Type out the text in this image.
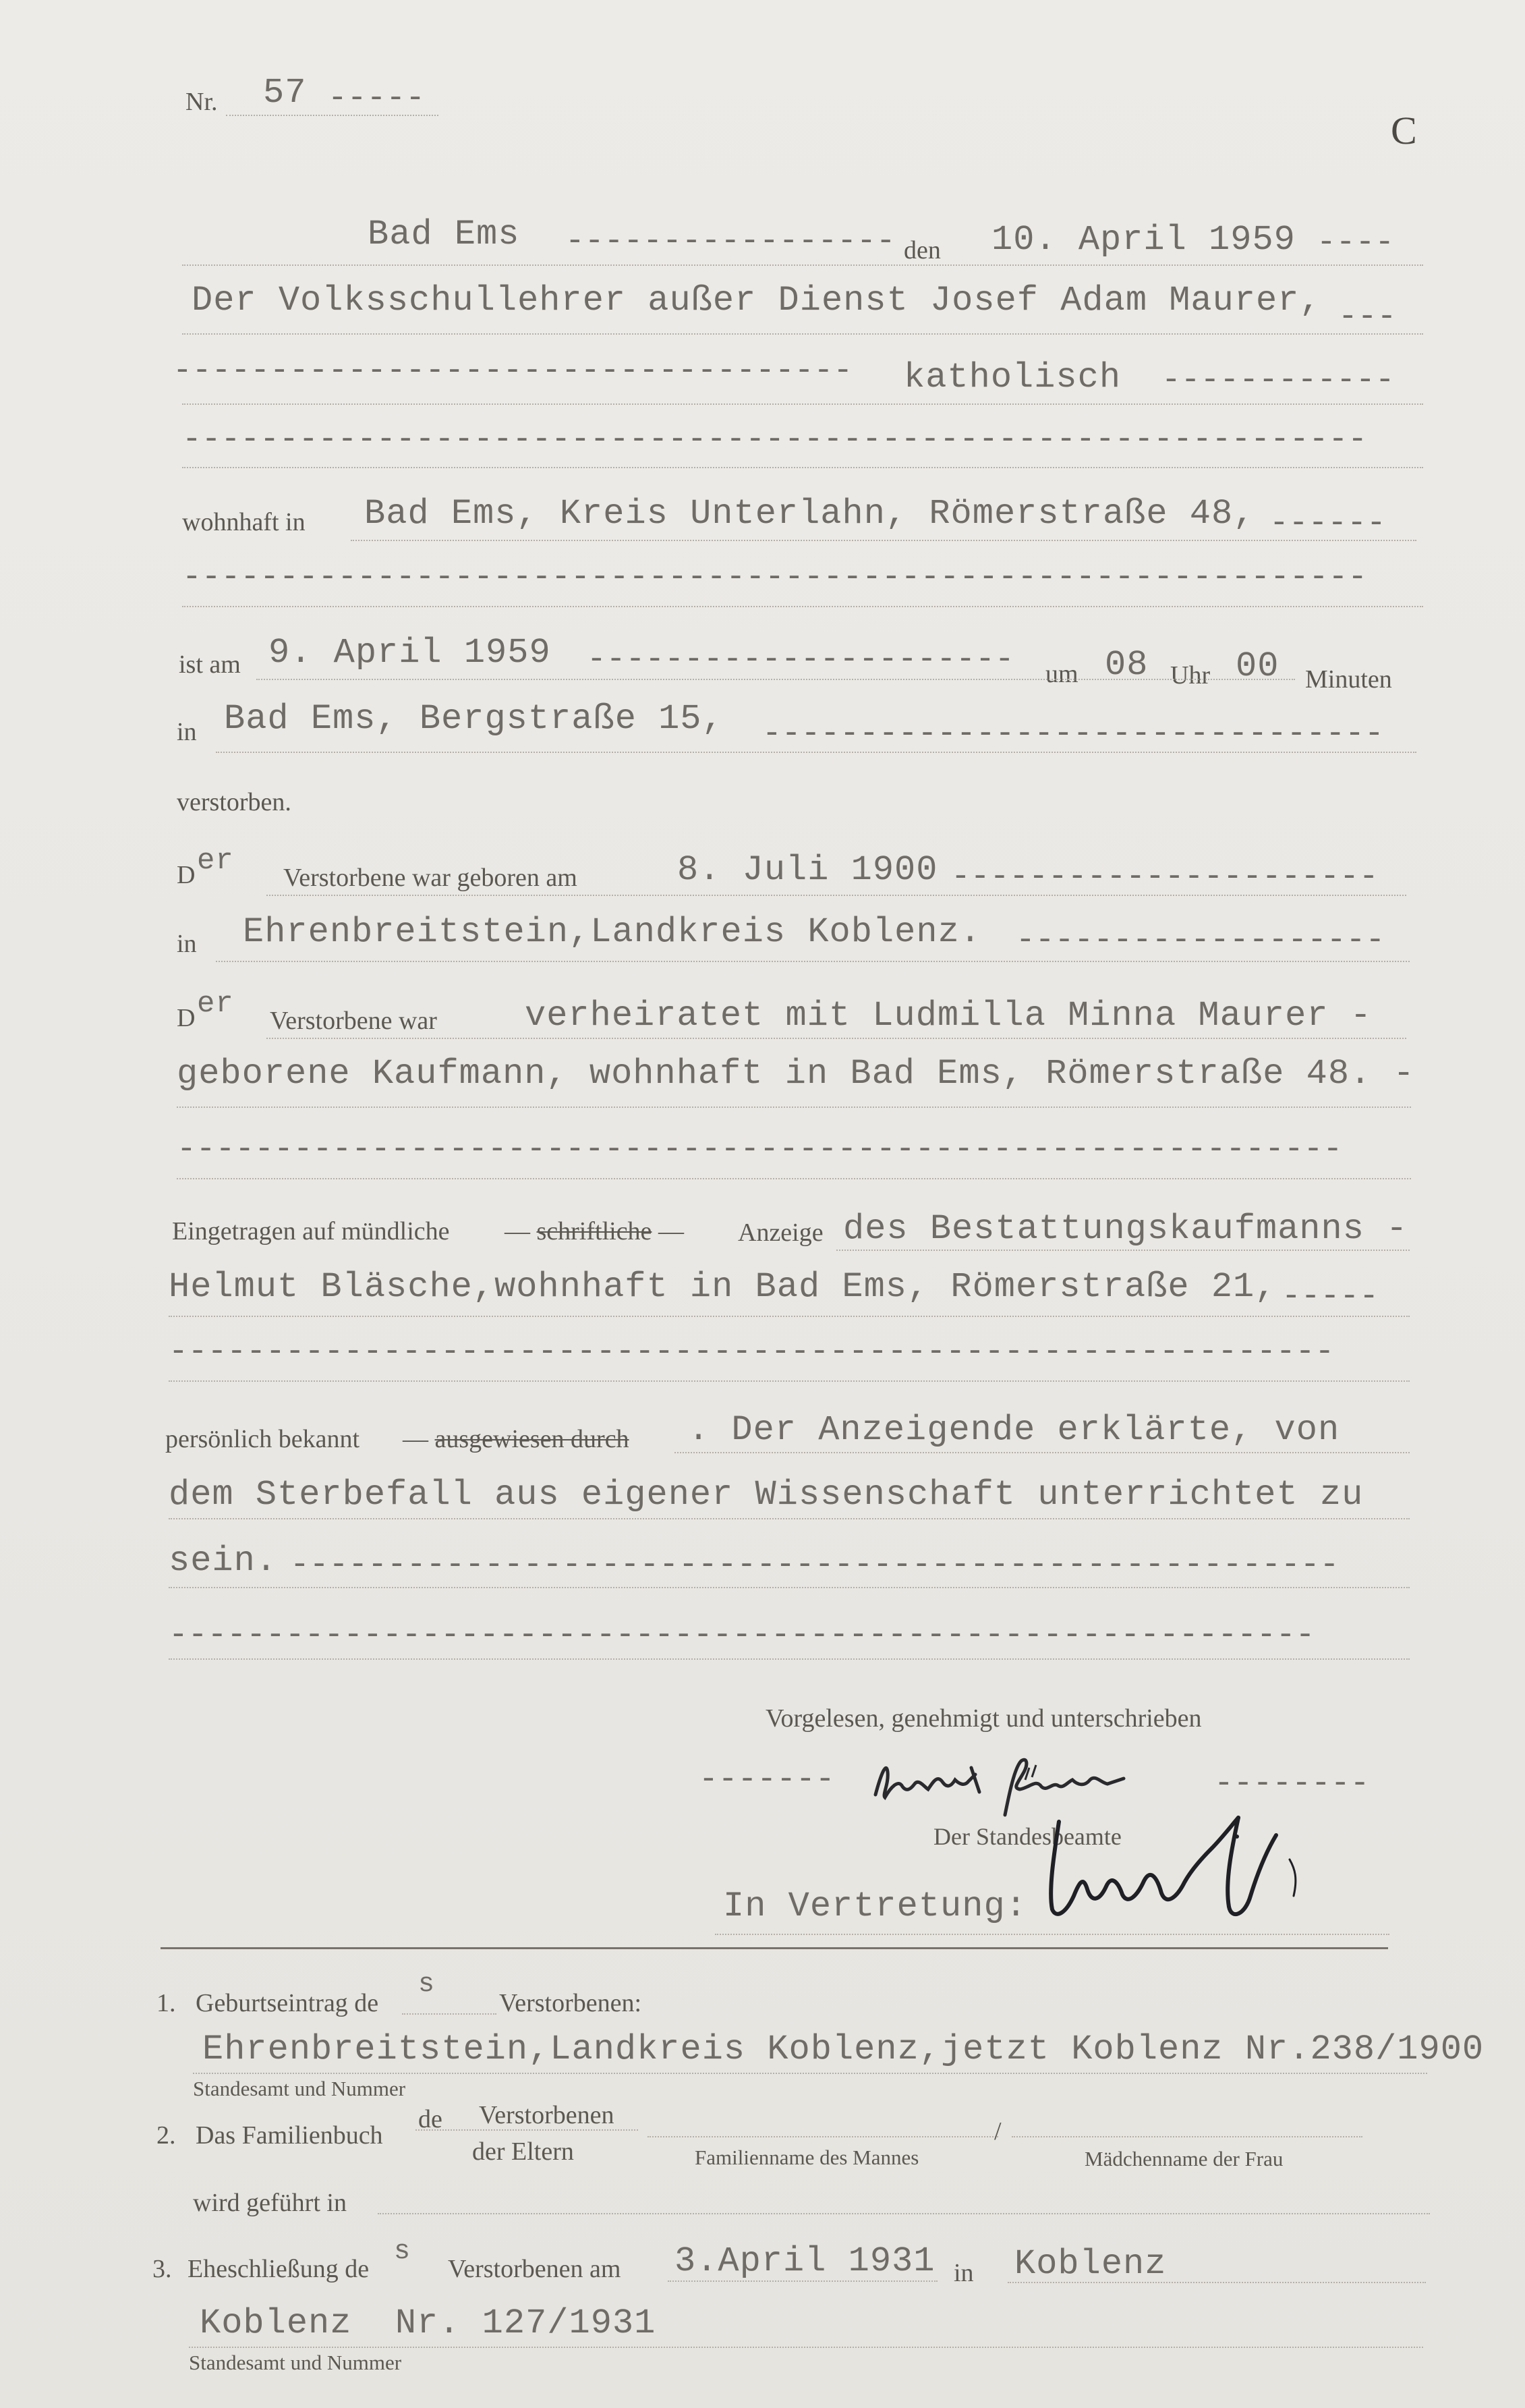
Nr. 57 -----
C
Bad Ems ----------------- den 10. April 1959 ----
Der Volksschullehrer außer Dienst Josef Adam Maurer, ---
-----------------------------------	katholisch ------------
-------------------------------------------------------------
wohnhaft in Bad Ems, Kreis Unterlahn, Römerstraße 48, ------
-------------------------------------------------------------
ist am 9. April 1959 ----------------------	um 08 Uhr 00 Minuten
in Bad Ems, Bergstraße 15, --------------------------------
verstorben.
D er Verstorbene war geboren am	8. Juli 1900 ----------------------
in Ehrenbreitstein,Landkreis Koblenz. -------------------
D er Verstorbene war	verheiratet mit Ludmilla Minna Maurer -
geborene Kaufmann, wohnhaft in Bad Ems, Römerstraße 48. -
------------------------------------------------------------
Eingetragen auf mündliche — schriftliche — Anzeige des Bestattungskaufmanns -
Helmut Bläsche,wohnhaft in Bad Ems, Römerstraße 21, -----
------------------------------------------------------------
persönlich bekannt — ausgewiesen durch . Der Anzeigende erklärte, von
dem Sterbefall aus eigener Wissenschaft unterrichtet zu
sein. ------------------------------------------------------
-----------------------------------------------------------
Vorgelesen, genehmigt und unterschrieben
-------	--------
Der Standesbeamte
In Vertretung:
1. Geburtseintrag de
s
Verstorbenen:
Ehrenbreitstein,Landkreis Koblenz,jetzt Koblenz Nr.238/1900
Standesamt und Nummer
2. Das Familienbuch
de Verstorbenen
der Eltern
/
Familienname des Mannes	Mädchenname der Frau
wird geführt in
3. Eheschließung de
s
Verstorbenen am 3.April 1931 in Koblenz
Koblenz  Nr. 127/1931
Standesamt und Nummer
